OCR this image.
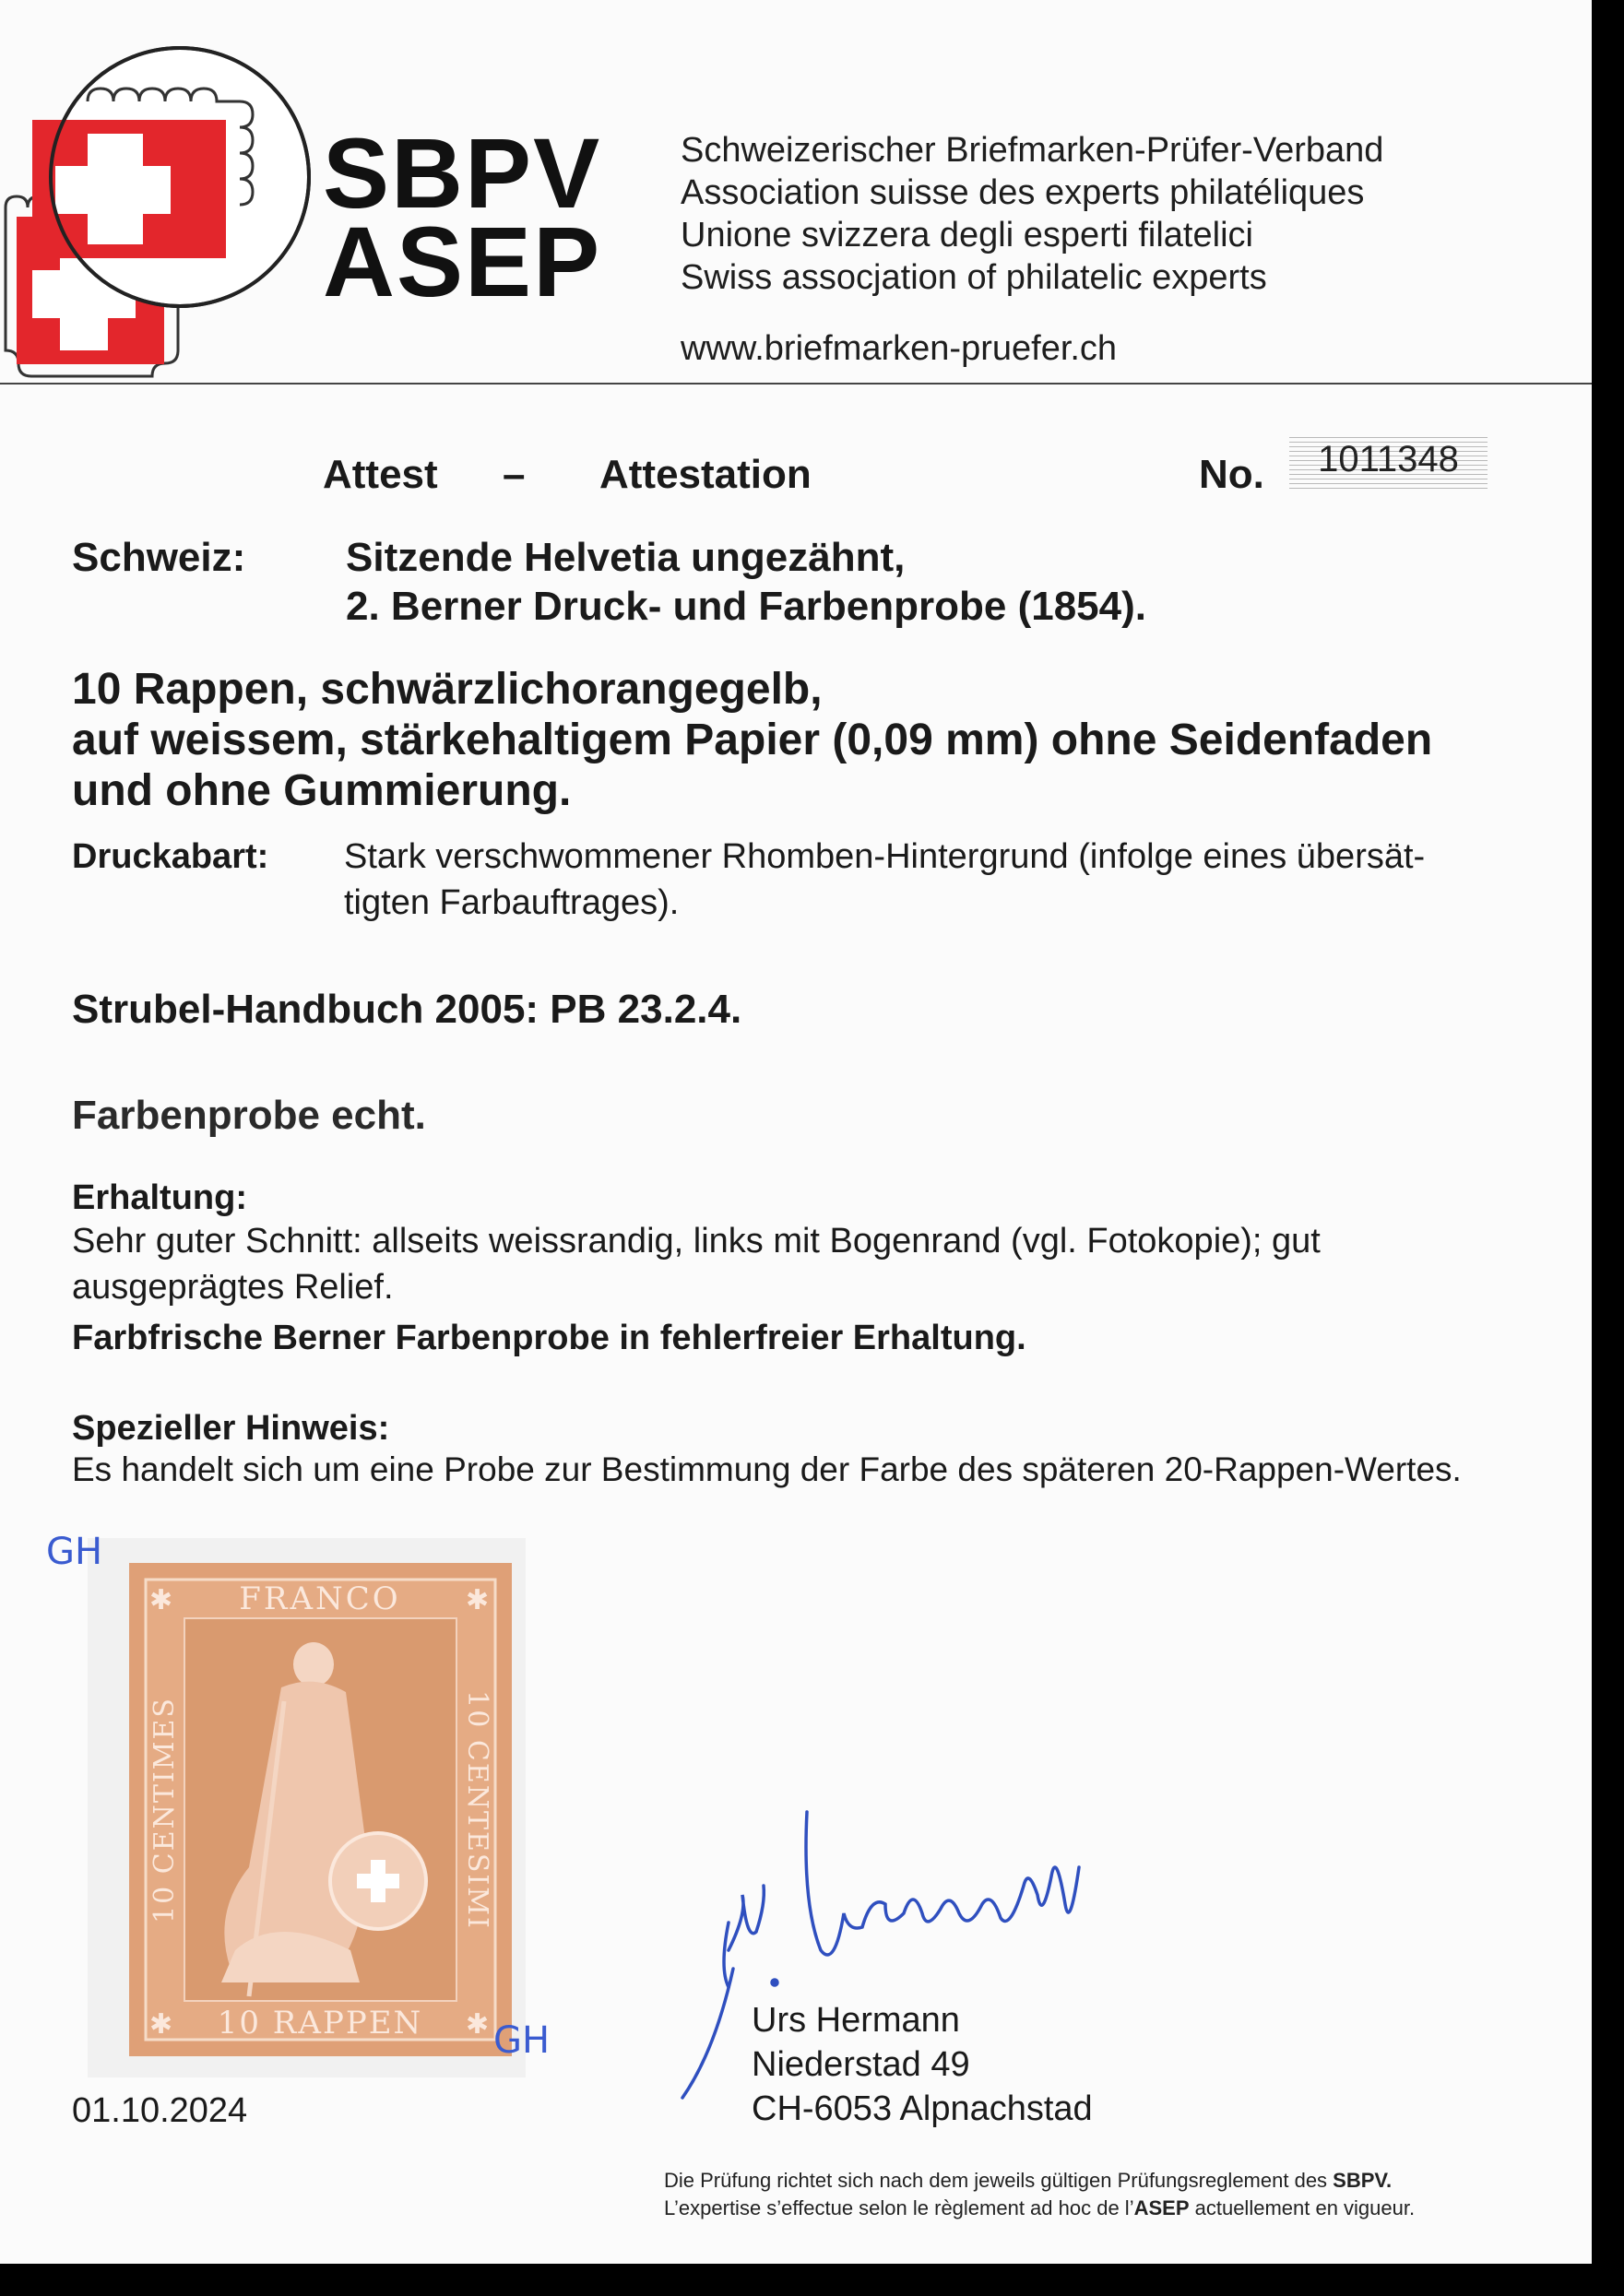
SBPV
ASEP
Schweizerischer Briefmarken-Prüfer-Verband
Association suisse des experts philatéliques
Unione svizzera degli esperti filatelici
Swiss assocjation of philatelic experts
www.briefmarken-pruefer.ch
Attest – Attestation	No.	1011348
Schweiz: Sitzende Helvetia ungezähnt,
2. Berner Druck- und Farbenprobe (1854).
10 Rappen, schwärzlichorangegelb,
auf weissem, stärkehaltigem Papier (0,09 mm) ohne Seidenfaden
und ohne Gummierung.
Druckabart: Stark verschwommener Rhomben-Hintergrund (infolge eines übersät-
tigten Farbauftrages).
Strubel-Handbuch 2005: PB 23.2.4.
Farbenprobe echt.
Erhaltung:
Sehr guter Schnitt: allseits weissrandig, links mit Bogenrand (vgl. Fotokopie); gut
ausgeprägtes Relief.
Farbfrische Berner Farbenprobe in fehlerfreier Erhaltung.
Spezieller Hinweis:
Es handelt sich um eine Probe zur Bestimmung der Farbe des späteren 20-Rappen-Wertes.
✱	✱
✱	✱
FRANCO
10 RAPPEN
10 CENTIMES	10 CENTESIMI
GH
GH	Urs Hermann
Niederstad 49
CH-6053 Alpnachstad
01.10.2024
Die Prüfung richtet sich nach dem jeweils gültigen Prüfungsreglement des SBPV.
L’expertise s’effectue selon le règlement ad hoc de l’ASEP actuellement en vigueur.
